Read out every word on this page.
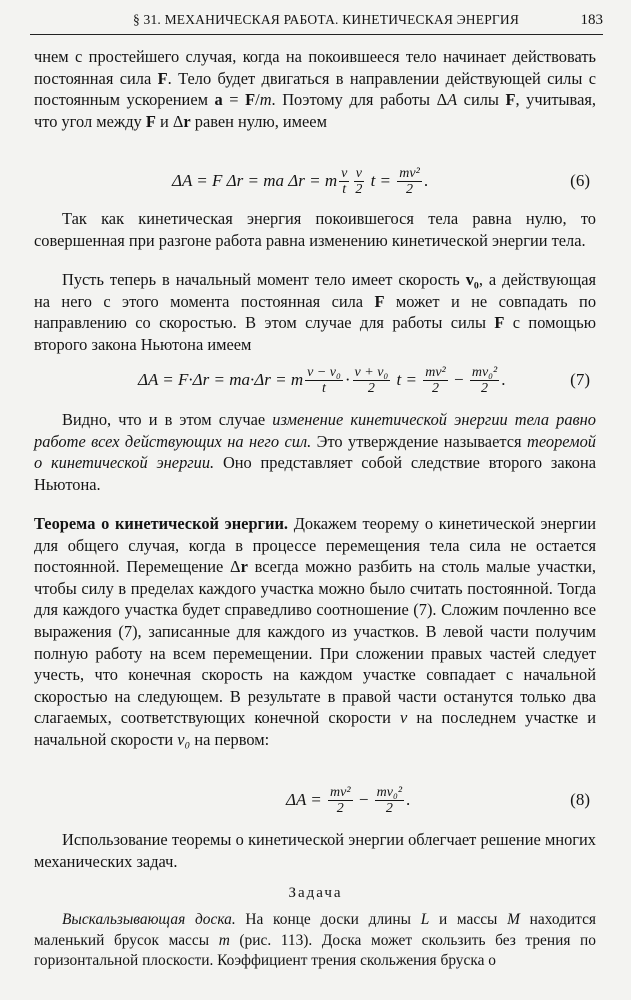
§ 31. МЕХАНИЧЕСКАЯ РАБОТА. КИНЕТИЧЕСКАЯ ЭНЕРГИЯ	183
чнем с простейшего случая, когда на покоившееся тело начинает действовать постоянная сила F. Тело будет двигаться в направлении действующей силы с постоянным ускорением a = F/m. Поэтому для работы ΔA силы F, учитывая, что угол между F и Δr равен нулю, имеем
ΔA = F Δr = ma Δr = m $\frac{v}{t} \frac{v}{2}$
t =
$\frac{\text{mv²}}{2}$ .	(6)
Так как кинетическая энергия покоившегося тела равна нулю, то совершенная при разгоне работа равна изменению кинетической энергии тела.
Пусть теперь в начальный момент тело имеет скорость v₀, а действующая на него с этого момента постоянная сила F может и не совпадать по направлению со скоростью. В этом случае для работы силы F с помощью второго закона Ньютона имеем
ΔA = F·Δr = ma·Δr = m $\frac{\text{v − v₀}}{t} \cdot \frac{\text{v + v₀}}{2}$
t =
$\frac{\text{mv²}}{2}$
−
$\frac{\text{mv₀²}}{2}$ .	(7)
Видно, что и в этом случае изменение кинетической энергии тела равно работе всех действующих на него сил. Это утверждение называется теоремой о кинетической энергии. Оно представляет собой следствие второго закона Ньютона.
Теорема о кинетической энергии. Докажем теорему о кинетической энергии для общего случая, когда в процессе перемещения тела сила не остается постоянной. Перемещение Δr всегда можно разбить на столь малые участки, чтобы силу в пределах каждого участка можно было считать постоянной. Тогда для каждого участка будет справедливо соотношение (7). Сложим почленно все выражения (7), записанные для каждого из участков. В левой части получим полную работу на всем перемещении. При сложении правых частей следует учесть, что конечная скорость на каждом участке совпадает с начальной скоростью на следующем. В результате в правой части останутся только два слагаемых, соответствующих конечной скорости v на последнем участке и начальной скорости v₀ на первом:
ΔA =
$\frac{\text{mv²}}{2}$
−
$\frac{\text{mv₀²}}{2}$ .	(8)
Использование теоремы о кинетической энергии облегчает решение многих механических задач.
Задача
Выскальзывающая доска. На конце доски длины L и массы M находится маленький брусок массы m (рис. 113). Доска может скользить без трения по горизонтальной плоскости. Коэффициент трения скольжения бруска о
